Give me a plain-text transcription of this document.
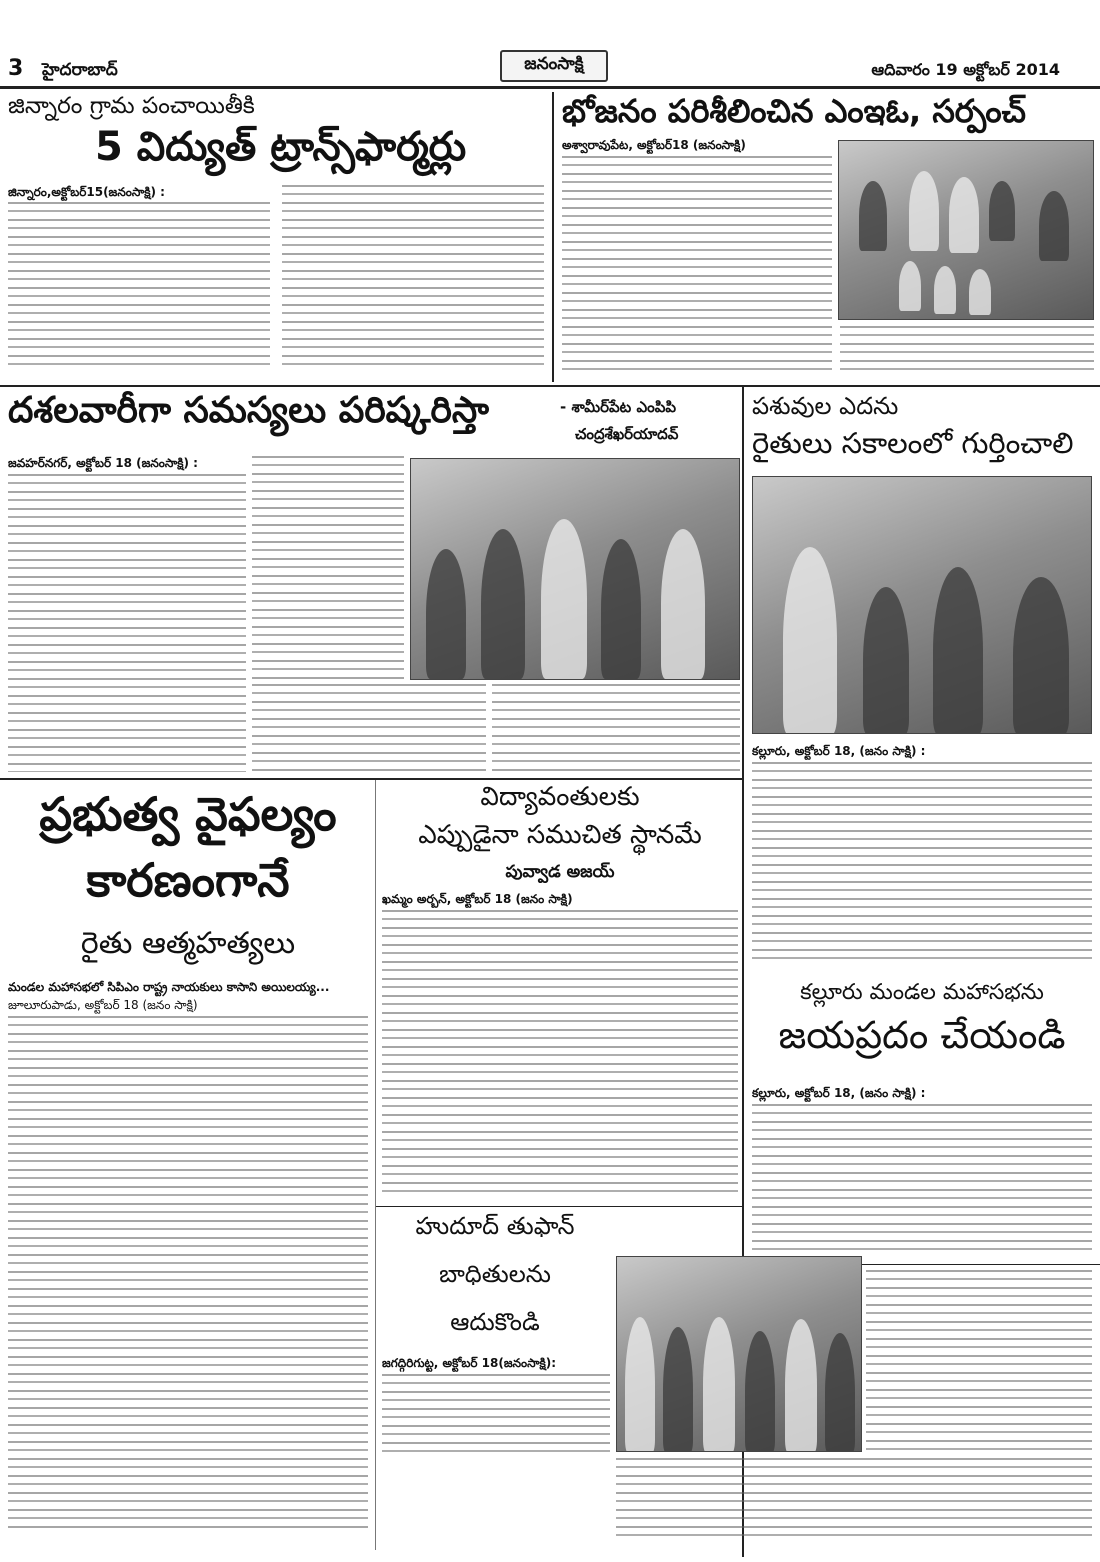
3 హైదరాబాద్	జనంసాక్షి	ఆదివారం 19 అక్టోబర్ 2014
జిన్నారం గ్రామ పంచాయితీకి
5 విద్యుత్ ట్రాన్స్‌ఫార్మర్లు
జిన్నారం,అక్టోబర్15(జనంసాక్షి) :
భోజనం పరిశీలించిన ఎంఇఓ, సర్పంచ్
అశ్వారావుపేట, అక్టోబర్18 (జనంసాక్షి)
దశలవారీగా సమస్యలు పరిష్కరిస్తా	- శామీర్‌పేట ఎంపిపి
చంద్రశేఖర్‌యాదవ్
జవహర్‌నగర్, అక్టోబర్ 18 (జనంసాక్షి) :
పశువుల ఎదను
రైతులు సకాలంలో గుర్తించాలి
కల్లూరు, అక్టోబర్ 18, (జనం సాక్షి) :
ప్రభుత్వ వైఫల్యం
కారణంగానే
రైతు ఆత్మహత్యలు
మండల మహాసభలో సిపిఎం రాష్ట్ర నాయకులు కాసాని అయిలయ్య...
జూలూరుపాడు, అక్టోబర్ 18 (జనం సాక్షి)
విద్యావంతులకు
ఎప్పుడైనా సముచిత స్థానమే
పువ్వాడ అజయ్
ఖమ్మం అర్బన్, అక్టోబర్ 18 (జనం సాక్షి)
కల్లూరు మండల మహాసభను
జయప్రదం చేయండి
కల్లూరు, అక్టోబర్ 18, (జనం సాక్షి) :
హుదూద్ తుఫాన్
బాధితులను
ఆదుకొండి
జగద్గిరిగుట్ట, అక్టోబర్ 18(జనంసాక్షి):
